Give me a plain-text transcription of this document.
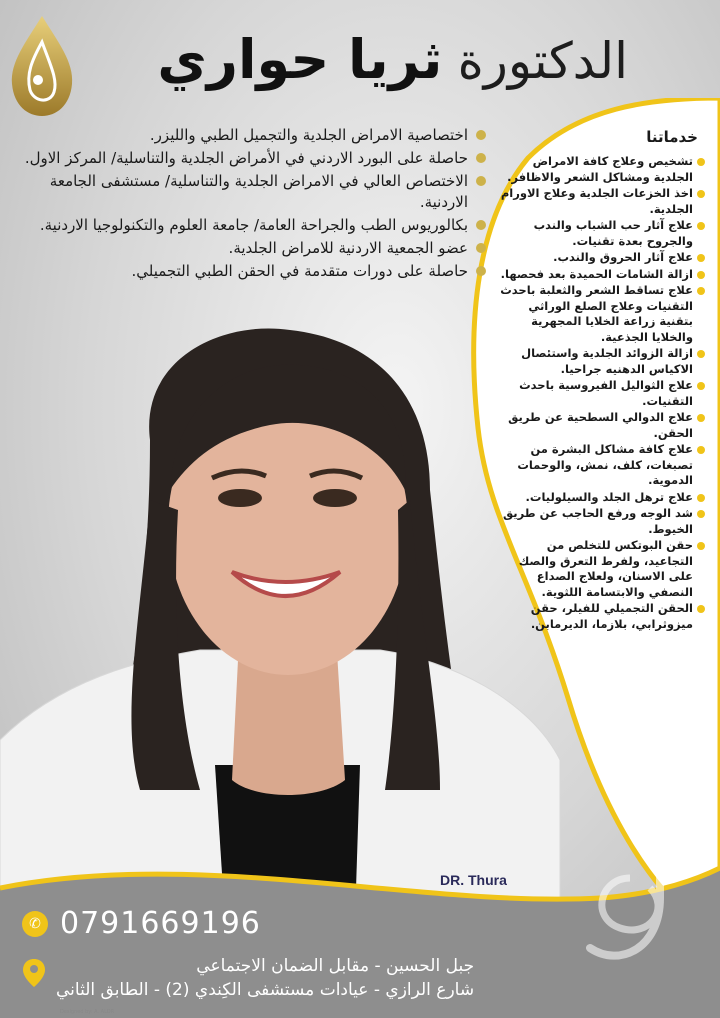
الدكتورة ثريا حواري
اختصاصية الامراض الجلدية والتجميل الطبي والليزر.
حاصلة على البورد الاردني في الأمراض الجلدية والتناسلية/ المركز الاول.
الاختصاص العالي في الامراض الجلدية والتناسلية/ مستشفى الجامعة الاردنية.
بكالوريوس الطب والجراحة العامة/ جامعة العلوم والتكنولوجيا الاردنية.
عضو الجمعية الاردنية للامراض الجلدية.
حاصلة على دورات متقدمة في الحقن الطبي التجميلي.
خدماتنا
تشخيص وعلاج كافة الامراض الجلدية ومشاكل الشعر والاظافر.
اخذ الخزعات الجلدية وعلاج الاورام الجلدية.
علاج آثار حب الشباب والندب والجروح بعدة تقنيات.
علاج آثار الحروق والندب.
ازالة الشامات الحميدة بعد فحصها.
علاج تساقط الشعر والثعلبة باحدث التقنيات وعلاج الصلع الوراثي بتقنية زراعة الخلايا المجهرية والخلايا الجذعية.
ازالة الزوائد الجلدية واستئصال الاكياس الدهنيه جراحيا.
علاج الثواليل الفيروسية باحدث التقنيات.
علاج الدوالي السطحية عن طريق الحقن.
علاج كافة مشاكل البشرة من تصبغات، كلف، نمش، والوحمات الدموية.
علاج ترهل الجلد والسيلوليات.
شد الوجه ورفع الحاجب عن طريق الخيوط.
حقن البوتكس للتخلص من التجاعيد، ولفرط التعرق والصك على الاسنان، ولعلاج الصداع النصفي والابتسامة اللثوية.
الحقن التجميلي للفيلر، حقن ميزوثرابي، بلازما، الديرمابن.
DR. Thura
✆ 0791669196
جبل الحسين - مقابل الضمان الاجتماعي
شارع الرازي - عيادات مستشفى الكِندي (2) - الطابق الثاني
Designed by: A. ALOR
